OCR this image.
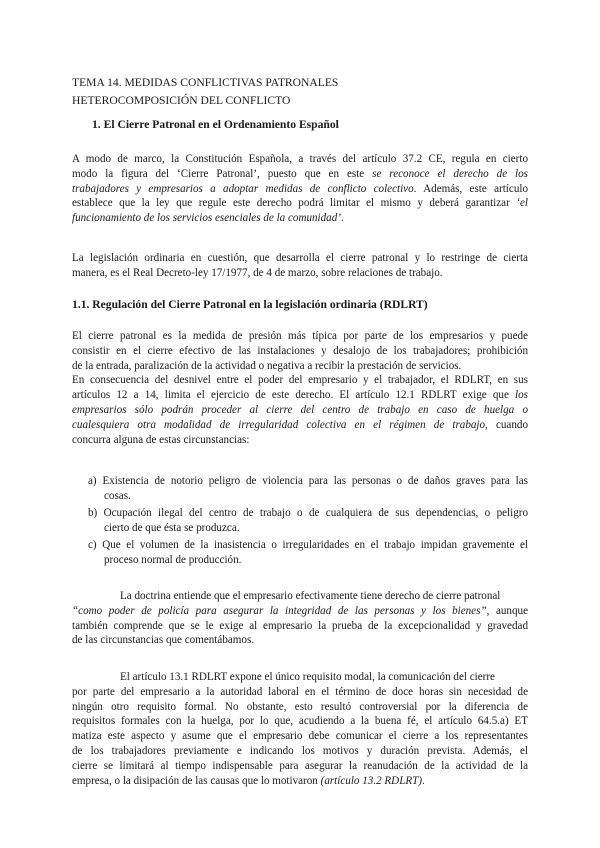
TEMA 14. MEDIDAS CONFLICTIVAS PATRONALES
HETEROCOMPOSICIÓN DEL CONFLICTO
1. El Cierre Patronal en el Ordenamiento Español
A modo de marco, la Constitución Española, a través del artículo 37.2 CE, regula en cierto
modo la figura del ‘Cierre Patronal’, puesto que en este se reconoce el derecho de los
trabajadores y empresarios a adoptar medidas de conflicto colectivo. Además, este artículo
establece que la ley que regule este derecho podrá limitar el mismo y deberá garantizar ‘el
funcionamiento de los servicios esenciales de la comunidad’.
La legislación ordinaria en cuestión, que desarrolla el cierre patronal y lo restringe de cierta
manera, es el Real Decreto-ley 17/1977, de 4 de marzo, sobre relaciones de trabajo.
1.1. Regulación del Cierre Patronal en la legislación ordinaria (RDLRT)
El cierre patronal es la medida de presión más típica por parte de los empresarios y puede
consistir en el cierre efectivo de las instalaciones y desalojo de los trabajadores; prohibición
de la entrada, paralización de la actividad o negativa a recibir la prestación de servicios.
En consecuencia del desnivel entre el poder del empresario y el trabajador, el RDLRT, en sus
artículos 12 a 14, limita el ejercicio de este derecho. El artículo 12.1 RDLRT exige que los
empresarios sólo podrán proceder al cierre del centro de trabajo en caso de huelga o
cualesquiera otra modalidad de irregularidad colectiva en el régimen de trabajo, cuando
concurra alguna de estas circunstancias:
a) Existencia de notorio peligro de violencia para las personas o de daños graves para las
cosas.
b) Ocupación ilegal del centro de trabajo o de cualquiera de sus dependencias, o peligro
cierto de que ésta se produzca.
c) Que el volumen de la inasistencia o irregularidades en el trabajo impidan gravemente el
proceso normal de producción.
La doctrina entiende que el empresario efectivamente tiene derecho de cierre patronal
“como poder de policía para asegurar la integridad de las personas y los bienes”, aunque
también comprende que se le exige al empresario la prueba de la excepcionalidad y gravedad
de las circunstancias que comentábamos.
El artículo 13.1 RDLRT expone el único requisito modal, la comunicación del cierre
por parte del empresario a la autoridad laboral en el término de doce horas sin necesidad de
ningún otro requisito formal. No obstante, esto resultó controversial por la diferencia de
requisitos formales con la huelga, por lo que, acudiendo a la buena fé, el artículo 64.5.a) ET
matiza este aspecto y asume que el empresario debe comunicar el cierre a los representantes
de los trabajadores previamente e indicando los motivos y duración prevista. Además, el
cierre se limitará al tiempo indispensable para asegurar la reanudación de la actividad de la
empresa, o la disipación de las causas que lo motivaron (artículo 13.2 RDLRT).
